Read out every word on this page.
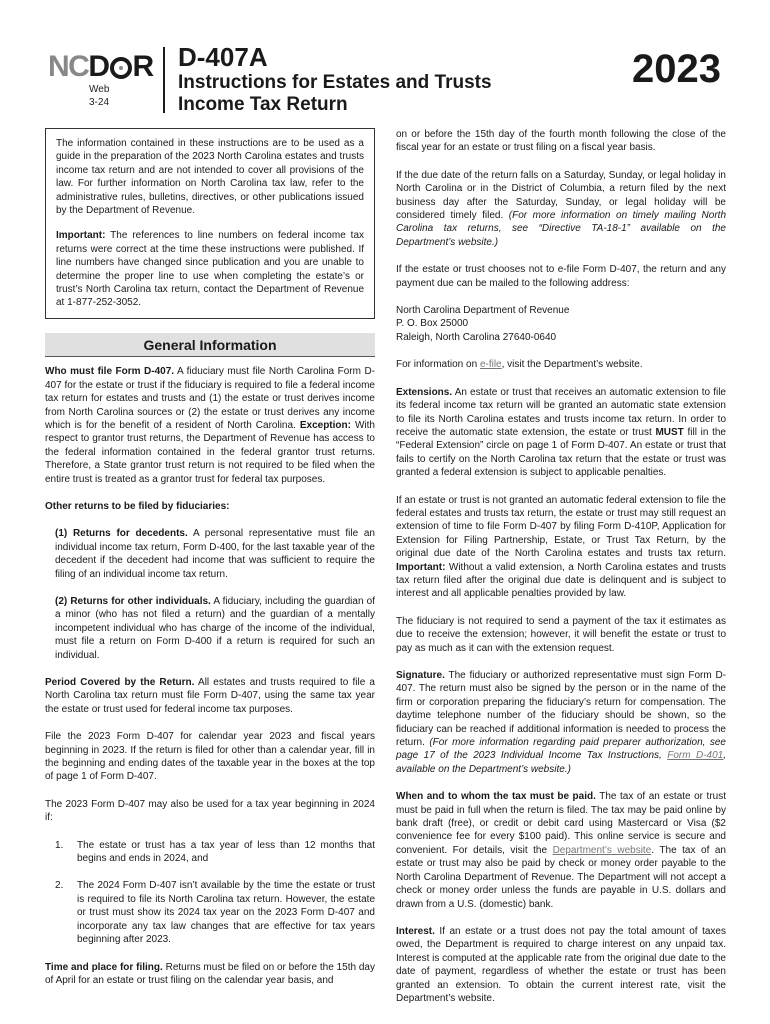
NCD R
Web
3-24
D-407A
Instructions for Estates and Trusts
Income Tax Return
2023

The information contained in these instructions are to be used as a guide in the preparation of the 2023 North Carolina estates and trusts income tax return and are not intended to cover all provisions of the law. For further information on North Carolina tax law, refer to the administrative rules, bulletins, directives, or other publications issued by the Department of Revenue.

Important: The references to line numbers on federal income tax returns were correct at the time these instructions were published. If line numbers have changed since publication and you are unable to determine the proper line to use when completing the estate’s or trust’s North Carolina tax return, contact the Department of Revenue at 1-877-252-3052.

General Information

Who must file Form D-407. A fiduciary must file North Carolina Form D-407 for the estate or trust if the fiduciary is required to file a federal income tax return for estates and trusts and (1) the estate or trust derives income from North Carolina sources or (2) the estate or trust derives any income which is for the benefit of a resident of North Carolina. Exception: With respect to grantor trust returns, the Department of Revenue has access to the federal information contained in the federal grantor trust returns. Therefore, a State grantor trust return is not required to be filed when the entire trust is treated as a grantor trust for federal tax purposes.

Other returns to be filed by fiduciaries:

(1) Returns for decedents. A personal representative must file an individual income tax return, Form D-400, for the last taxable year of the decedent if the decedent had income that was sufficient to require the filing of an individual income tax return.

(2) Returns for other individuals. A fiduciary, including the guardian of a minor (who has not filed a return) and the guardian of a mentally incompetent individual who has charge of the income of the individual, must file a return on Form D-400 if a return is required for such an individual.

Period Covered by the Return. All estates and trusts required to file a North Carolina tax return must file Form D-407, using the same tax year the estate or trust used for federal income tax purposes.

File the 2023 Form D-407 for calendar year 2023 and fiscal years beginning in 2023. If the return is filed for other than a calendar year, fill in the beginning and ending dates of the taxable year in the boxes at the top of page 1 of Form D-407.

The 2023 Form D-407 may also be used for a tax year beginning in 2024 if:

1.	The estate or trust has a tax year of less than 12 months that begins and ends in 2024, and
2.	The 2024 Form D-407 isn’t available by the time the estate or trust is required to file its North Carolina tax return. However, the estate or trust must show its 2024 tax year on the 2023 Form D-407 and incorporate any tax law changes that are effective for tax years beginning after 2023.

Time and place for filing. Returns must be filed on or before the 15th day of April for an estate or trust filing on the calendar year basis, and

on or before the 15th day of the fourth month following the close of the fiscal year for an estate or trust filing on a fiscal year basis.

If the due date of the return falls on a Saturday, Sunday, or legal holiday in North Carolina or in the District of Columbia, a return filed by the next business day after the Saturday, Sunday, or legal holiday will be considered timely filed. (For more information on timely mailing North Carolina tax returns, see “Directive TA-18-1” available on the Department’s website.)

If the estate or trust chooses not to e-file Form D-407, the return and any payment due can be mailed to the following address:

North Carolina Department of Revenue
P. O. Box 25000
Raleigh, North Carolina 27640-0640

For information on e-file, visit the Department’s website.

Extensions. An estate or trust that receives an automatic extension to file its federal income tax return will be granted an automatic state extension to file its North Carolina estates and trusts income tax return. In order to receive the automatic state extension, the estate or trust MUST fill in the “Federal Extension” circle on page 1 of Form D-407. An estate or trust that fails to certify on the North Carolina tax return that the estate or trust was granted a federal extension is subject to applicable penalties.

If an estate or trust is not granted an automatic federal extension to file the federal estates and trusts tax return, the estate or trust may still request an extension of time to file Form D-407 by filing Form D-410P, Application for Extension for Filing Partnership, Estate, or Trust Tax Return, by the original due date of the North Carolina estates and trusts tax return. Important: Without a valid extension, a North Carolina estates and trusts tax return filed after the original due date is delinquent and is subject to interest and all applicable penalties provided by law.

The fiduciary is not required to send a payment of the tax it estimates as due to receive the extension; however, it will benefit the estate or trust to pay as much as it can with the extension request.

Signature. The fiduciary or authorized representative must sign Form D-407. The return must also be signed by the person or in the name of the firm or corporation preparing the fiduciary’s return for compensation. The daytime telephone number of the fiduciary should be shown, so the fiduciary can be reached if additional information is needed to process the return. (For more information regarding paid preparer authorization, see page 17 of the 2023 Individual Income Tax Instructions, Form D-401, available on the Department’s website.)

When and to whom the tax must be paid. The tax of an estate or trust must be paid in full when the return is filed. The tax may be paid online by bank draft (free), or credit or debit card using Mastercard or Visa ($2 convenience fee for every $100 paid). This online service is secure and convenient. For details, visit the Department’s website. The tax of an estate or trust may also be paid by check or money order payable to the North Carolina Department of Revenue. The Department will not accept a check or money order unless the funds are payable in U.S. dollars and drawn from a U.S. (domestic) bank.

Interest. If an estate or a trust does not pay the total amount of taxes owed, the Department is required to charge interest on any unpaid tax. Interest is computed at the applicable rate from the original due date to the date of payment, regardless of whether the estate or trust has been granted an extension. To obtain the current interest rate, visit the Department’s website.
